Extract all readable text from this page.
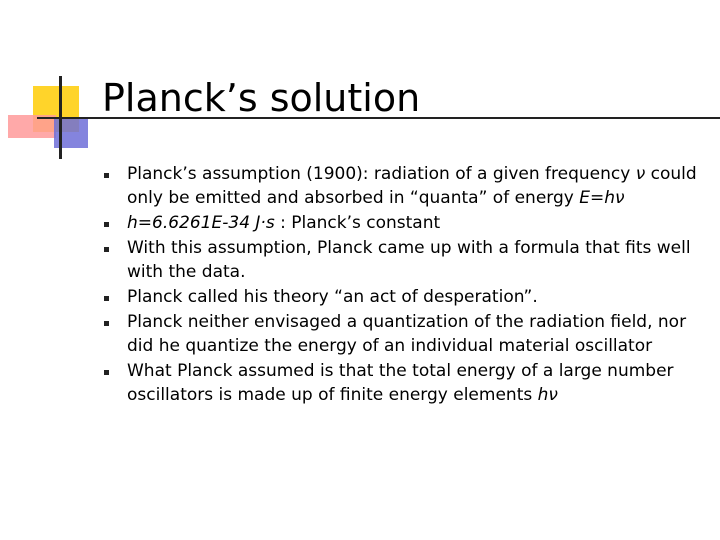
Planck’s solution
Planck’s assumption (1900): radiation of a given frequency ν could only be emitted and absorbed in “quanta” of energy E=hν
h=6.6261E-34 J·s : Planck’s constant
With this assumption, Planck came up with a formula that fits well with the data.
Planck called his theory “an act of desperation”.
Planck neither envisaged a quantization of the radiation field, nor did he quantize the energy of an individual material oscillator
What Planck assumed is that the total energy of a large number oscillators is made up of finite energy elements hν
